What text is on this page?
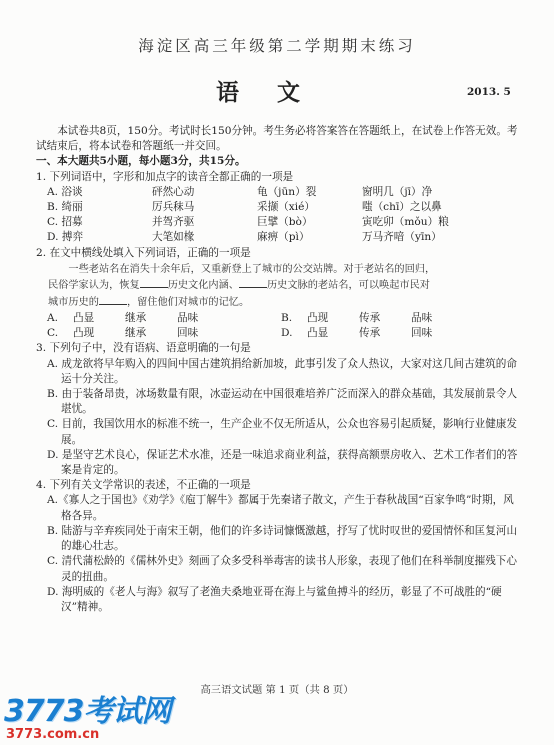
海淀区高三年级第二学期期末练习
语文	2013. 5

本试卷共8页，150分。考试时长150分钟。考生务必将答案答在答题纸上，在试卷上作答无效。考试结束后，将本试卷和答题纸一并交回。

一、本大题共5小题，每小题3分，共15分。

1. 下列词语中，字形和加点字的读音全都正确的一项是

A. 浴谈	砰然心动	龟（jūn）裂	窗明几（jī）净
B. 绮丽	厉兵秣马	采撷（xié）	嗤（chī）之以鼻
C. 招募	并驾齐驱	巨擘（bò）	寅吃卯（mǒu）粮
D. 搏弈	大笔如椽	麻痹（pì）	万马齐喑（yīn）

2. 在文中横线处填入下列词语，正确的一项是

一些老站名在消失十余年后，又重新登上了城市的公交站牌。对于老站名的回归，

民俗学家认为，恢复	历史文化内涵、	历史文脉的老站名，可以唤起市民对

城市历史的	，留住他们对城市的记忆。

A.	凸显	继承	品味	B.	凸现	传承	品味
C.	凸现	继承	回味	D.	凸显	传承	回味

3. 下列句子中，没有语病、语意明确的一句是

A. 成龙欲将早年购入的四间中国古建筑捐给新加坡，此事引发了众人热议，大家对这几间古建筑的命运十分关注。

B. 由于装备昂贵，冰场数量有限，冰壶运动在中国很难培养广泛而深入的群众基础，其发展前景令人堪忧。

C. 目前，我国饮用水的标准不统一，生产企业不仅无所适从，公众也容易引起质疑，影响行业健康发展。

D. 是坚守艺术良心，保证艺术水准，还是一味追求商业利益，获得高额票房收入、艺术工作者们的答案是肯定的。

4. 下列有关文学常识的表述，不正确的一项是

A.《寡人之于国也》《劝学》《庖丁解牛》都属于先秦诸子散文，产生于春秋战国“百家争鸣”时期，风格各异。

B. 陆游与辛弃疾同处于南宋王朝，他们的许多诗词慷慨激越，抒写了忧时叹世的爱国情怀和匡复河山的雄心壮志。

C. 清代蒲松龄的《儒林外史》刻画了众多受科举毒害的读书人形象，表现了他们在科举制度摧残下心灵的扭曲。

D. 海明威的《老人与海》叙写了老渔夫桑地亚哥在海上与鲨鱼搏斗的经历，彰显了不可战胜的“硬汉”精神。

高三语文试题 第 1 页（共 8 页）
3773考试网
3773.com.cn
